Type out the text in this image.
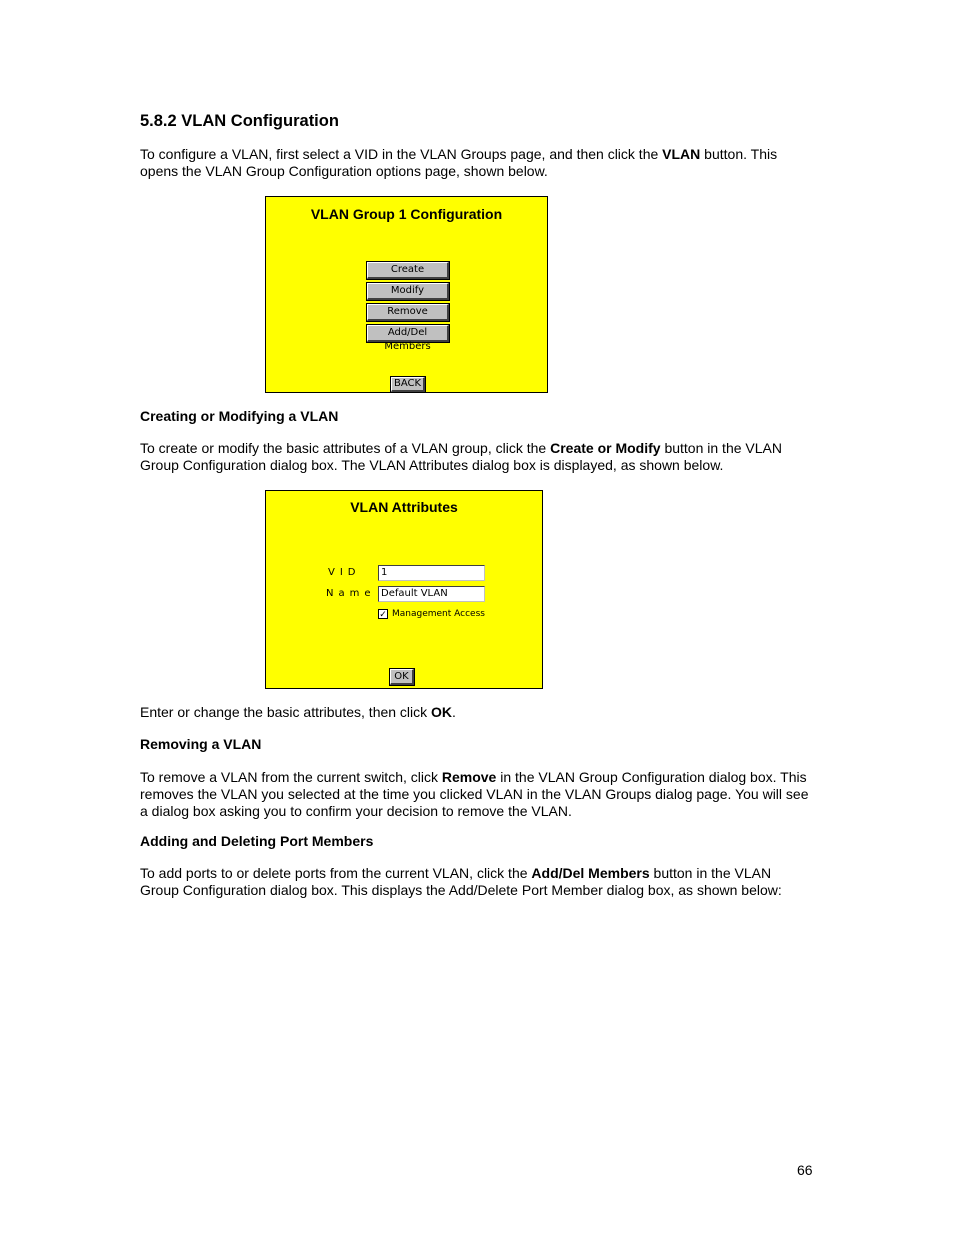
5.8.2 VLAN Configuration
To configure a VLAN, first select a VID in the VLAN Groups page, and then click the VLAN button. This
opens the VLAN Group Configuration options page, shown below.
VLAN Group 1 Configuration
Create
Modify
Remove
Add/Del Members
BACK
Creating or Modifying a VLAN
To create or modify the basic attributes of a VLAN group, click the Create or Modify button in the VLAN
Group Configuration dialog box. The VLAN Attributes dialog box is displayed, as shown below.
VLAN Attributes
VID	1
Name Default VLAN
✓ Management Access
OK
Enter or change the basic attributes, then click OK.
Removing a VLAN
To remove a VLAN from the current switch, click Remove in the VLAN Group Configuration dialog box. This
removes the VLAN you selected at the time you clicked VLAN in the VLAN Groups dialog page. You will see
a dialog box asking you to confirm your decision to remove the VLAN.
Adding and Deleting Port Members
To add ports to or delete ports from the current VLAN, click the Add/Del Members button in the VLAN
Group Configuration dialog box. This displays the Add/Delete Port Member dialog box, as shown below:
66
